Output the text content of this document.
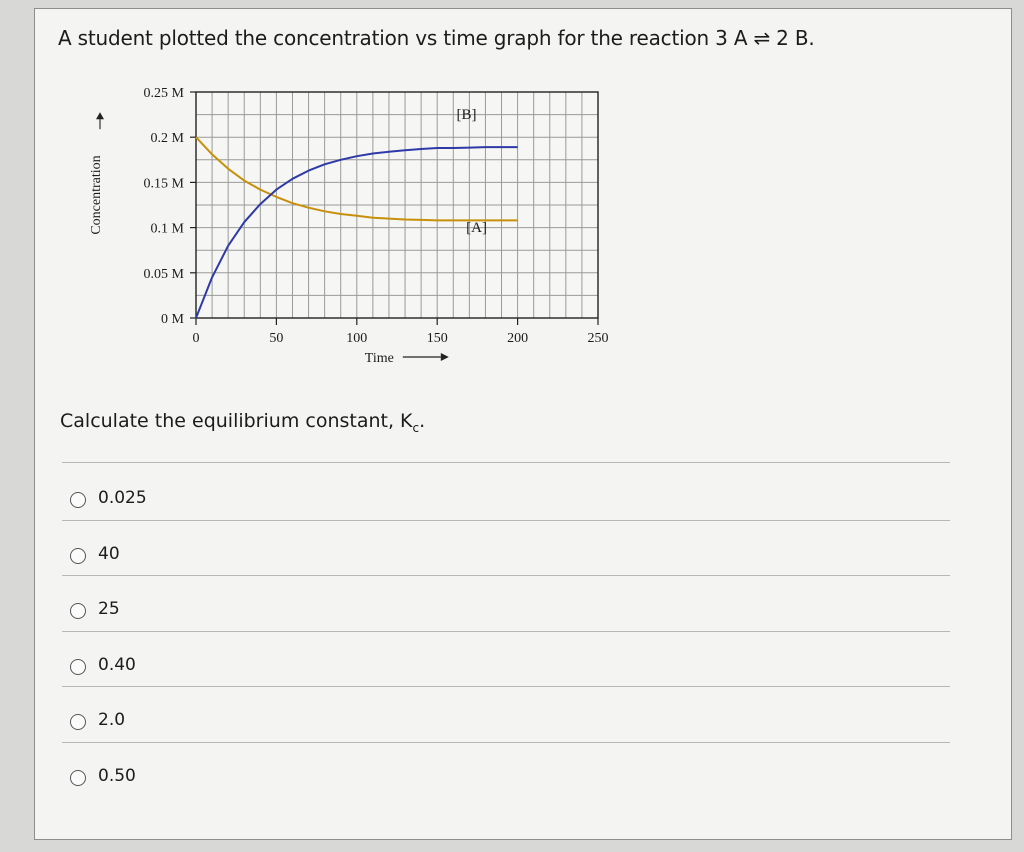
A student plotted the concentration vs time graph for the reaction 3 A ⇌ 2 B.
0 M
0.05 M
0.1 M
0.15 M
0.2 M
0.25 M
0	50	100	150	200	250
Time
Concentration
[B]
[A]
Calculate the equilibrium constant, $K_c$.
0.025
40
25
0.40
2.0
0.50
